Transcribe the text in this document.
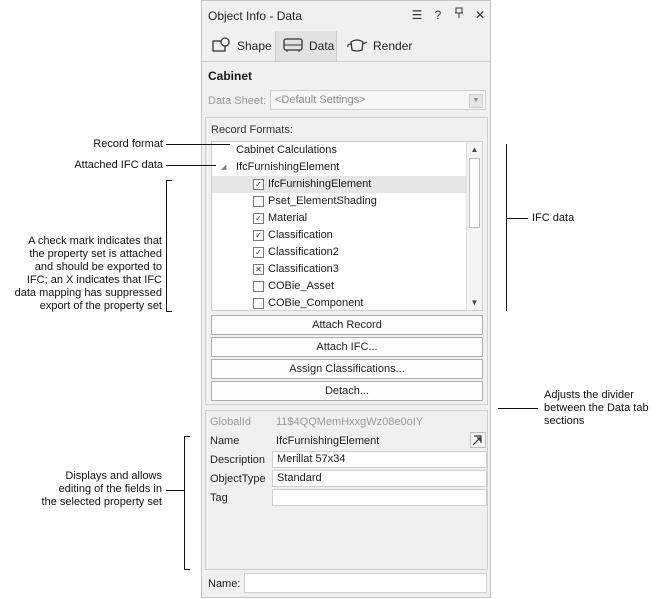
Object Info - Data	☰	?	✕
Shape	Data	Render
Cabinet
Data Sheet: <Default Settings>	▼
Record Formats:
Cabinet Calculations
◢ IfcFurnishingElement
✓ IfcFurnishingElement
Pset_ElementShading
✓ Material
✓ Classification
✓ Classification2
✕ Classification3
COBie_Asset
COBie_Component
▲
▼
Attach Record
Attach IFC...
Assign Classifications...
Detach...
GlobalId 11$4QQMemHxxgWz08e0oIY
Name	IfcFurnishingElement
Description	Merillat 57x34
ObjectType	Standard
Tag
Name:
Record format
Attached IFC data
A check mark indicates that
the property set is attached
and should be exported to
IFC; an X indicates that IFC
data mapping has suppressed
export of the property set
IFC data
Adjusts the divider
between the Data tab
sections
Displays and allows
editing of the fields in
the selected property set
